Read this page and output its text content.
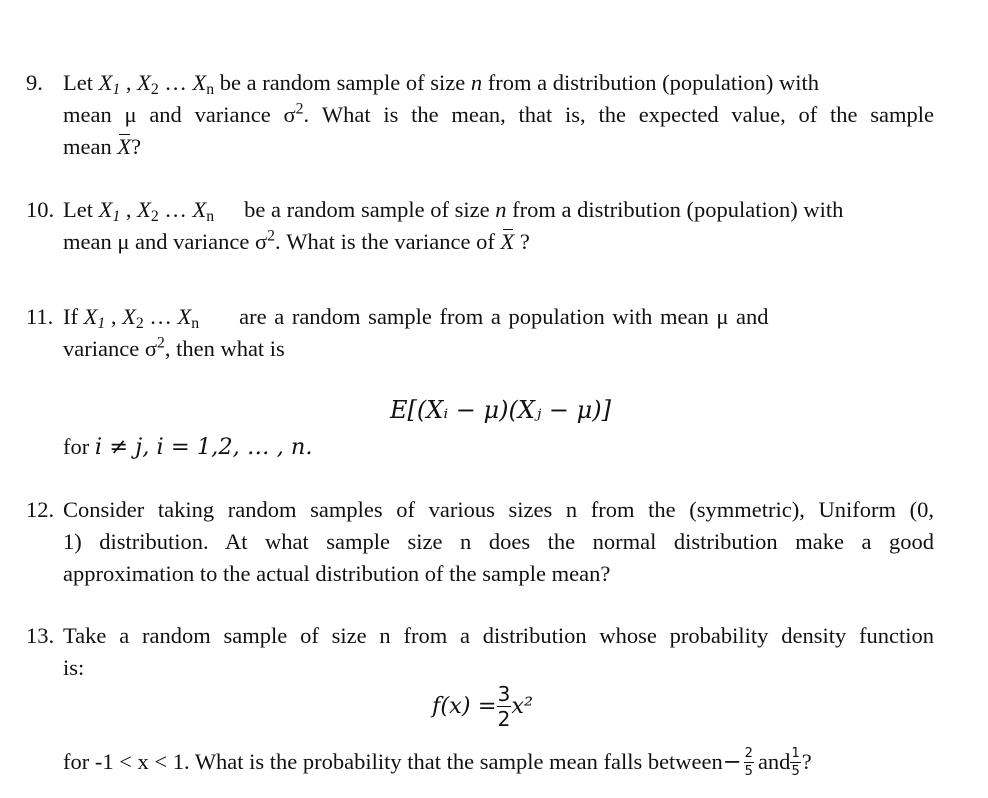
9. Let $X_1$ , $X_2$ … $X_n$ be a random sample of size n from a distribution (population) with
mean μ and variance $\sigma^2$. What is the mean, that is, the expected value, of the sample
mean X?
10. Let $X_1$ , $X_2$ … $X_n$ be a random sample of size n from a distribution (population) with
mean μ and variance $\sigma^2$. What is the variance of X ?
11. If $X_1$ , $X_2$ … $X_n$ are a random sample from a population with mean μ and
variance $\sigma^2$, then what is
E[(Xᵢ − μ)(Xⱼ − μ)]
for i ≠ j, i = 1,2, … , n.
12. Consider taking random samples of various sizes n from the (symmetric), Uniform (0,
1) distribution. At what sample size n does the normal distribution make a good
approximation to the actual distribution of the sample mean?
13. Take a random sample of size n from a distribution whose probability density function
is:
$f(x) = \frac{3}{2} x^2$
for -1 < x < 1. What is the probability that the sample mean falls between − $\frac{2}{5}$ and $\frac{1}{5}$ ?
